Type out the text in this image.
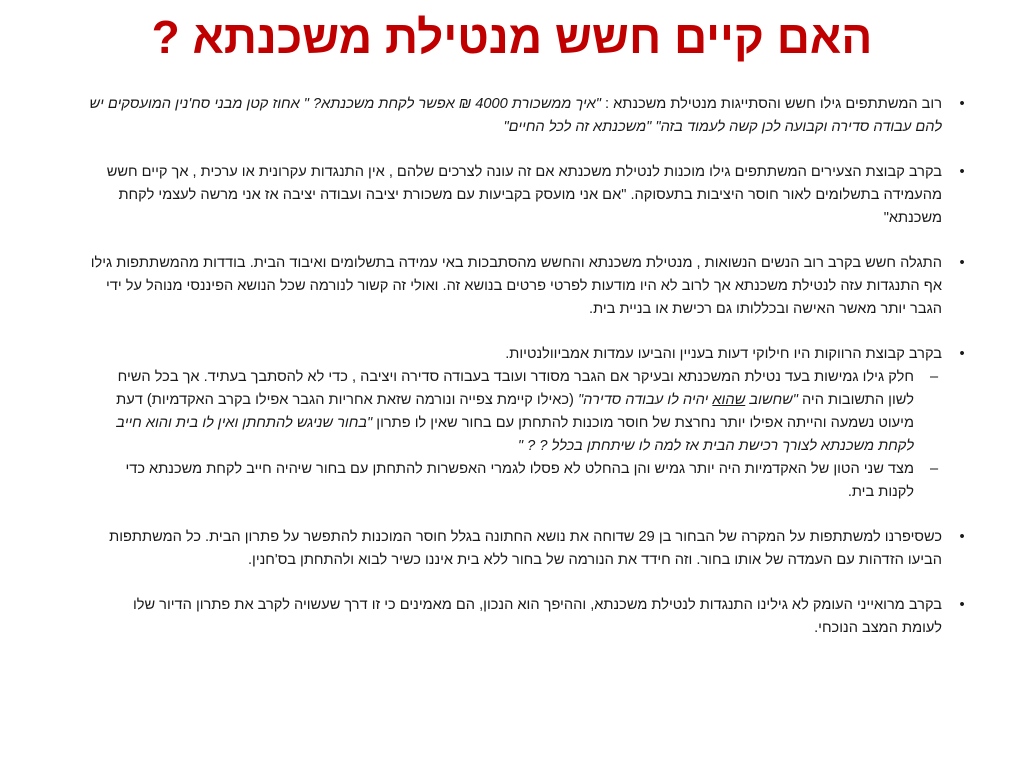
האם קיים חשש מנטילת משכנתא ?
•
רוב המשתתפים גילו חשש והסתייגות מנטילת משכנתא : "איך ממשכורת 4000 ₪ אפשר לקחת משכנתא? " אחוז קטן מבני סח'נין המועסקים יש להם עבודה סדירה וקבועה לכן קשה לעמוד בזה" "משכנתא זה לכל החיים"
•
בקרב קבוצת הצעירים המשתתפים גילו מוכנות לנטילת משכנתא אם זה עונה לצרכים שלהם , אין התנגדות עקרונית או ערכית , אך קיים חשש מהעמידה בתשלומים לאור חוסר היציבות בתעסוקה. "אם אני מועסק בקביעות עם משכורת יציבה ועבודה יציבה אז אני מרשה לעצמי לקחת משכנתא"
•
התגלה חשש בקרב רוב הנשים הנשואות , מנטילת משכנתא והחשש מהסתבכות באי עמידה בתשלומים ואיבוד הבית. בודדות מהמשתתפות גילו אף התנגדות עזה לנטילת משכנתא אך לרוב לא היו מודעות לפרטי פרטים בנושא זה. ואולי זה קשור לנורמה שכל הנושא הפיננסי מנוהל על ידי הגבר יותר מאשר האישה ובכללותו גם רכישת או בניית בית.
•
בקרב קבוצת הרווקות היו חילוקי דעות בעניין והביעו עמדות אמביוולנטיות.
–
חלק גילו גמישות בעד נטילת המשכנתא ובעיקר אם הגבר מסודר ועובד בעבודה סדירה ויציבה , כדי לא להסתבך בעתיד. אך בכל השיח לשון התשובות היה "שחשוב שהוא יהיה לו עבודה סדירה" (כאילו קיימת צפייה ונורמה שזאת אחריות הגבר אפילו בקרב האקדמיות) דעת מיעוט נשמעה והייתה אפילו יותר נחרצת של חוסר מוכנות להתחתן עם בחור שאין לו פתרון "בחור שניגש להתחתן ואין לו בית והוא חייב לקחת משכנתא לצורך רכישת הבית אז למה לו שיתחתן בכלל ? ? "
–
מצד שני הטון של האקדמיות היה יותר גמיש והן בהחלט לא פסלו לגמרי האפשרות להתחתן עם בחור שיהיה חייב לקחת משכנתא כדי לקנות בית.
•
כשסיפרנו למשתתפות על המקרה של הבחור בן 29 שדוחה את נושא החתונה בגלל חוסר המוכנות להתפשר על פתרון הבית. כל המשתתפות הביעו הזדהות עם העמדה של אותו בחור. וזה חידד את הנורמה של בחור ללא בית איננו כשיר לבוא ולהתחתן בס'חנין.
•
בקרב מרואייני העומק לא גילינו התנגדות לנטילת משכנתא, וההיפך הוא הנכון, הם מאמינים כי זו דרך שעשויה לקרב את פתרון הדיור שלו לעומת המצב הנוכחי.
